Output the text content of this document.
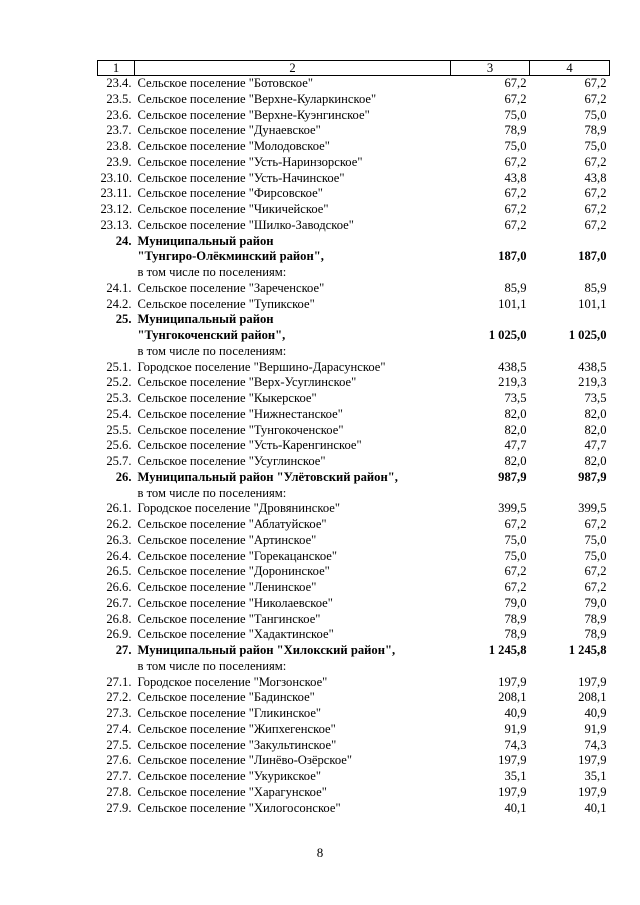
1	2	3	4
23.4.	Сельское поселение "Ботовское"	67,2	67,2
23.5.	Сельское поселение "Верхне-Куларкинское"	67,2	67,2
23.6.	Сельское поселение "Верхне-Куэнгинское"	75,0	75,0
23.7.	Сельское поселение "Дунаевское"	78,9	78,9
23.8.	Сельское поселение "Молодовское"	75,0	75,0
23.9.	Сельское поселение "Усть-Наринзорское"	67,2	67,2
23.10.	Сельское поселение "Усть-Начинское"	43,8	43,8
23.11.	Сельское поселение "Фирсовское"	67,2	67,2
23.12.	Сельское поселение "Чикичейское"	67,2	67,2
23.13.	Сельское поселение "Шилко-Заводское"	67,2	67,2
24.	Муниципальный район		
	"Тунгиро-Олёкминский район",	187,0	187,0
	в том числе по поселениям:		
24.1.	Сельское поселение "Зареченское"	85,9	85,9
24.2.	Сельское поселение "Тупикское"	101,1	101,1
25.	Муниципальный район		
	"Тунгокоченский район",	1 025,0	1 025,0
	в том числе по поселениям:		
25.1.	Городское поселение "Вершино-Дарасунское"	438,5	438,5
25.2.	Сельское поселение "Верх-Усуглинское"	219,3	219,3
25.3.	Сельское поселение "Кыкерское"	73,5	73,5
25.4.	Сельское поселение "Нижнестанское"	82,0	82,0
25.5.	Сельское поселение "Тунгокоченское"	82,0	82,0
25.6.	Сельское поселение "Усть-Каренгинское"	47,7	47,7
25.7.	Сельское поселение "Усуглинское"	82,0	82,0
26.	Муниципальный район "Улётовский район",	987,9	987,9
	в том числе по поселениям:		
26.1.	Городское поселение "Дровянинское"	399,5	399,5
26.2.	Сельское поселение "Аблатуйское"	67,2	67,2
26.3.	Сельское поселение "Артинское"	75,0	75,0
26.4.	Сельское поселение "Горекацанское"	75,0	75,0
26.5.	Сельское поселение "Доронинское"	67,2	67,2
26.6.	Сельское поселение "Ленинское"	67,2	67,2
26.7.	Сельское поселение "Николаевское"	79,0	79,0
26.8.	Сельское поселение "Тангинское"	78,9	78,9
26.9.	Сельское поселение "Хадактинское"	78,9	78,9
27.	Муниципальный район "Хилокский район",	1 245,8	1 245,8
	в том числе по поселениям:		
27.1.	Городское поселение "Могзонское"	197,9	197,9
27.2.	Сельское поселение "Бадинское"	208,1	208,1
27.3.	Сельское поселение "Гликинское"	40,9	40,9
27.4.	Сельское поселение "Жипхегенское"	91,9	91,9
27.5.	Сельское поселение "Закультинское"	74,3	74,3
27.6.	Сельское поселение "Линёво-Озёрское"	197,9	197,9
27.7.	Сельское поселение "Укурикское"	35,1	35,1
27.8.	Сельское поселение "Харагунское"	197,9	197,9
27.9.	Сельское поселение "Хилогосонское"	40,1	40,1
8
